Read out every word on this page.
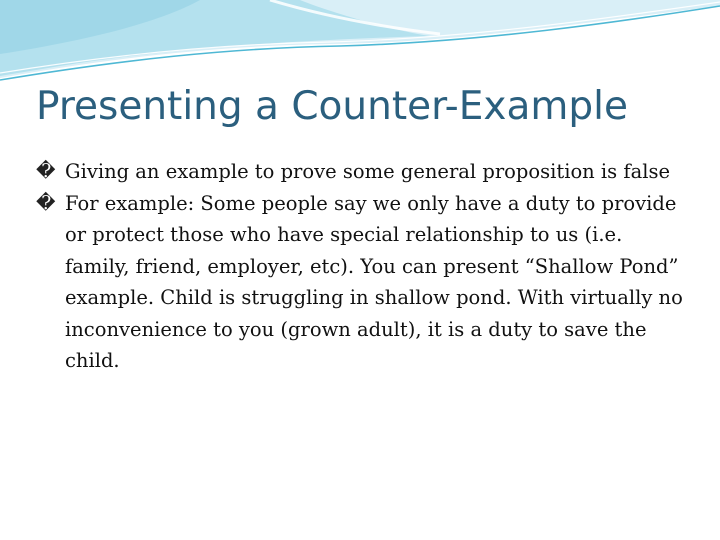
Presenting a Counter-Example
� Giving an example to prove some general proposition is false
� For example: Some people say we only have a duty to provide or protect those who have special relationship to us (i.e. family, friend, employer, etc). You can present “Shallow Pond” example. Child is struggling in shallow pond. With virtually no inconvenience to you (grown adult), it is a duty to save the child.
